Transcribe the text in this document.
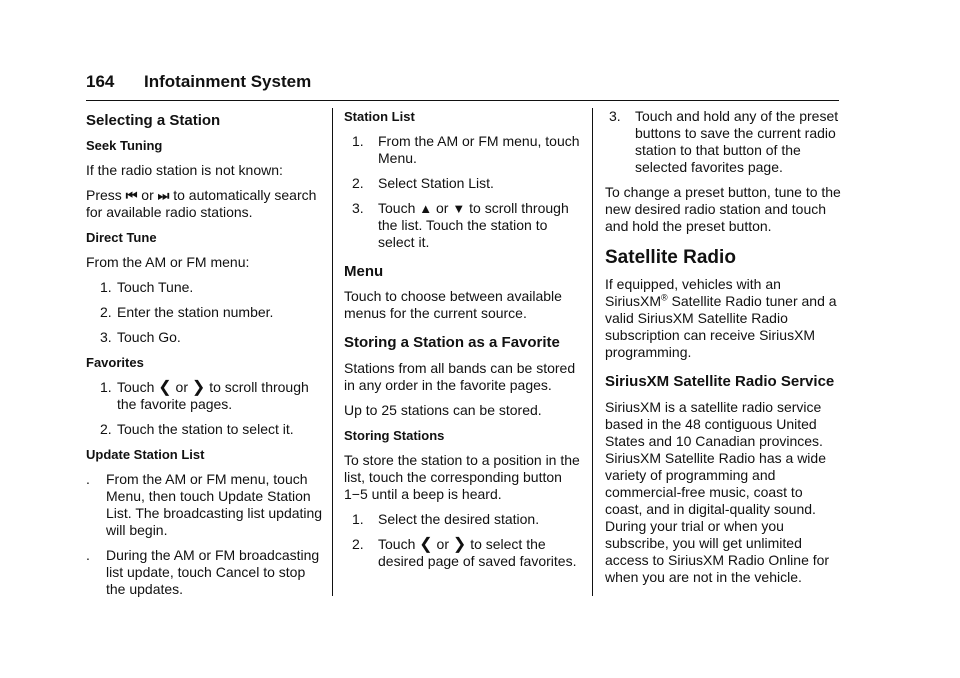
164 Infotainment System
Selecting a Station
Seek Tuning

If the radio station is not known:

Press ⏮ or ⏭ to automatically search for available radio stations.

Direct Tune

From the AM or FM menu:

1. Touch Tune.
2. Enter the station number.
3. Touch Go.
Favorites
1. Touch ❮ or ❯ to scroll through the favorite pages.
2. Touch the station to select it.
Update Station List
. From the AM or FM menu, touch Menu, then touch Update Station List. The broadcasting list updating will begin.
. During the AM or FM broadcasting list update, touch Cancel to stop the updates.
Station List
1. From the AM or FM menu, touch Menu.
2. Select Station List.
3. Touch ▲ or ▼ to scroll through the list. Touch the station to select it.
Menu

Touch to choose between available menus for the current source.

Storing a Station as a Favorite

Stations from all bands can be stored in any order in the favorite pages.

Up to 25 stations can be stored.

Storing Stations

To store the station to a position in the list, touch the corresponding button 1−5 until a beep is heard.

1. Select the desired station.
2. Touch ❮ or ❯ to select the desired page of saved favorites.
3. Touch and hold any of the preset buttons to save the current radio station to that button of the selected favorites page.

To change a preset button, tune to the new desired radio station and touch and hold the preset button.

Satellite Radio

If equipped, vehicles with an SiriusXM® Satellite Radio tuner and a valid SiriusXM Satellite Radio subscription can receive SiriusXM programming.

SiriusXM Satellite Radio Service

SiriusXM is a satellite radio service based in the 48 contiguous United States and 10 Canadian provinces. SiriusXM Satellite Radio has a wide variety of programming and commercial-free music, coast to coast, and in digital-quality sound. During your trial or when you subscribe, you will get unlimited access to SiriusXM Radio Online for when you are not in the vehicle.
